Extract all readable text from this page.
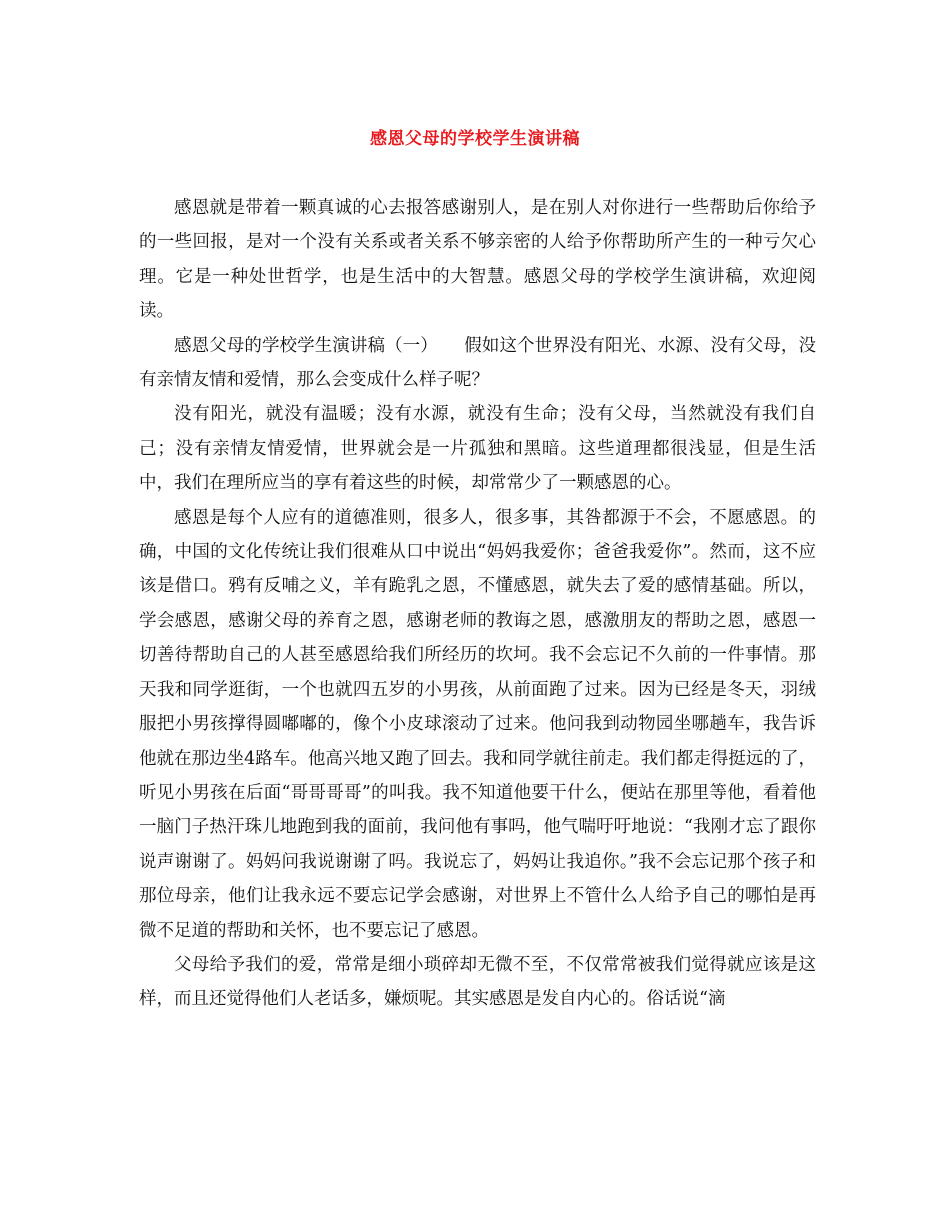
感恩父母的学校学生演讲稿

感恩就是带着一颗真诚的心去报答感谢别人，是在别人对你进行一些帮助后你给予的一些回报，是对一个没有关系或者关系不够亲密的人给予你帮助所产生的一种亏欠心理。它是一种处世哲学，也是生活中的大智慧。感恩父母的学校学生演讲稿，欢迎阅读。

感恩父母的学校学生演讲稿（一）　　假如这个世界没有阳光、水源、没有父母，没有亲情友情和爱情，那么会变成什么样子呢？

没有阳光，就没有温暖；没有水源，就没有生命；没有父母，当然就没有我们自己；没有亲情友情爱情，世界就会是一片孤独和黑暗。这些道理都很浅显，但是生活中，我们在理所应当的享有着这些的时候，却常常少了一颗感恩的心。

感恩是每个人应有的道德准则，很多人，很多事，其咎都源于不会，不愿感恩。的确，中国的文化传统让我们很难从口中说出“妈妈我爱你；爸爸我爱你”。然而，这不应该是借口。鸦有反哺之义，羊有跪乳之恩，不懂感恩，就失去了爱的感情基础。所以，学会感恩，感谢父母的养育之恩，感谢老师的教诲之恩，感激朋友的帮助之恩，感恩一切善待帮助自己的人甚至感恩给我们所经历的坎坷。我不会忘记不久前的一件事情。那天我和同学逛街，一个也就四五岁的小男孩，从前面跑了过来。因为已经是冬天，羽绒服把小男孩撑得圆嘟嘟的，像个小皮球滚动了过来。他问我到动物园坐哪趟车，我告诉他就在那边坐4路车。他高兴地又跑了回去。我和同学就往前走。我们都走得挺远的了，听见小男孩在后面“哥哥哥哥”的叫我。我不知道他要干什么，便站在那里等他，看着他一脑门子热汗珠儿地跑到我的面前，我问他有事吗，他气喘吁吁地说：“我刚才忘了跟你说声谢谢了。妈妈问我说谢谢了吗。我说忘了，妈妈让我追你。”我不会忘记那个孩子和那位母亲，他们让我永远不要忘记学会感谢，对世界上不管什么人给予自己的哪怕是再微不足道的帮助和关怀，也不要忘记了感恩。

父母给予我们的爱，常常是细小琐碎却无微不至，不仅常常被我们觉得就应该是这样，而且还觉得他们人老话多，嫌烦呢。其实感恩是发自内心的。俗话说“滴
